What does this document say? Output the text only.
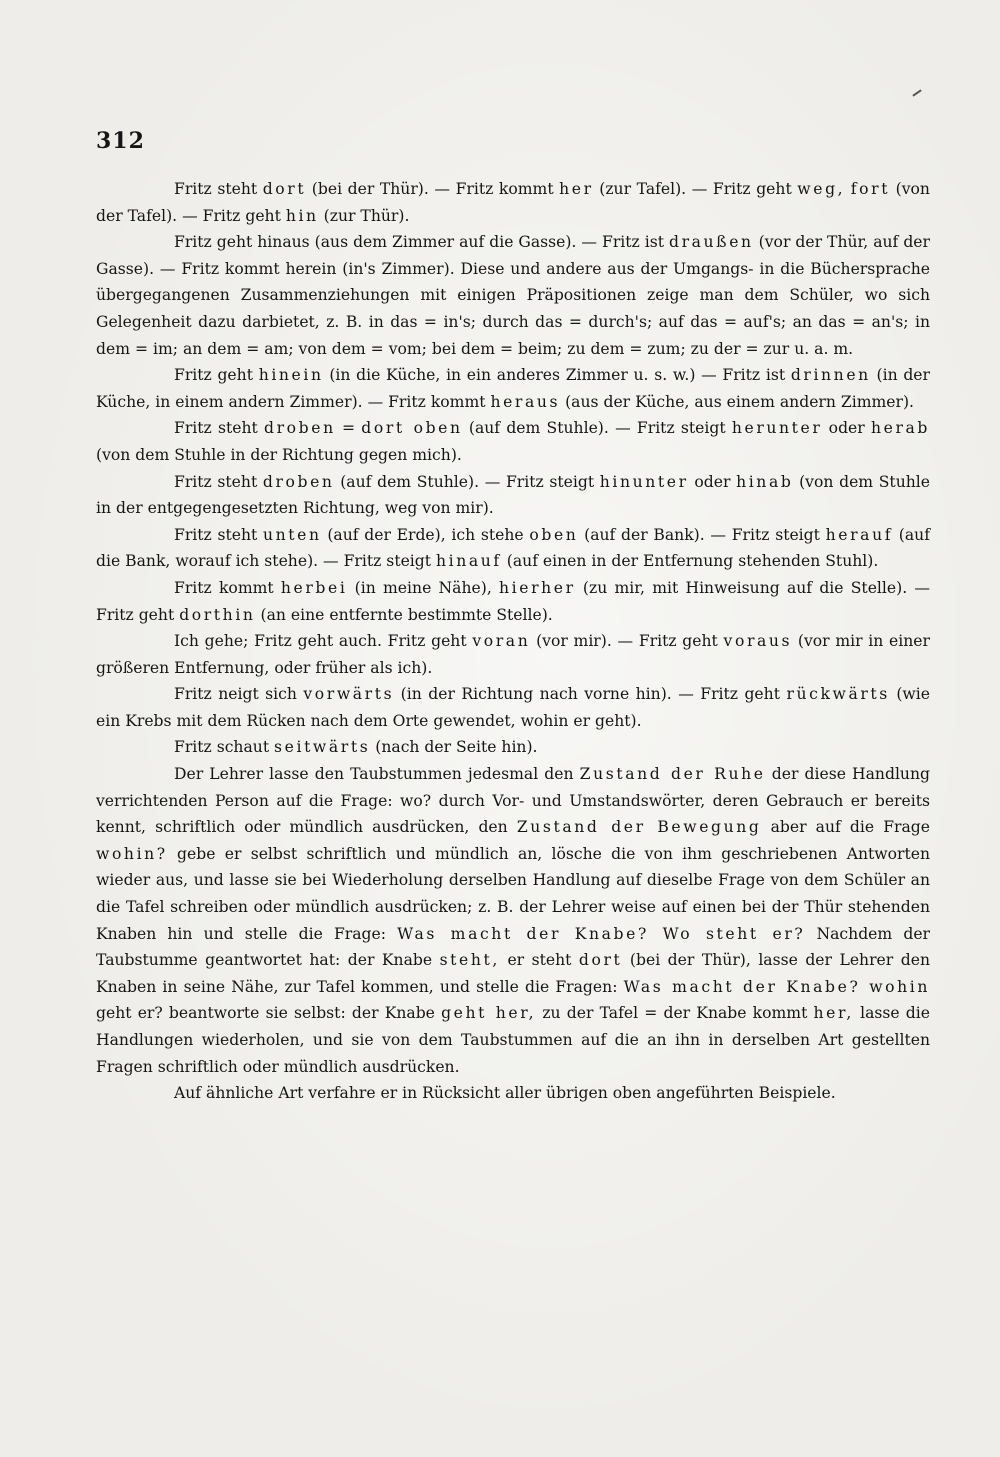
312

Fritz steht dort (bei der Thür). — Fritz kommt her (zur Tafel). — Fritz geht weg, fort (von der Tafel). — Fritz geht hin (zur Thür).

Fritz geht hinaus (aus dem Zimmer auf die Gasse). — Fritz ist draußen (vor der Thür, auf der Gasse). — Fritz kommt herein (in's Zimmer). Diese und andere aus der Umgangs- in die Büchersprache übergegangenen Zusammenziehungen mit einigen Präpositionen zeige man dem Schüler, wo sich Gelegenheit dazu darbietet, z. B. in das = in's; durch das = durch's; auf das = auf's; an das = an's; in dem = im; an dem = am; von dem = vom; bei dem = beim; zu dem = zum; zu der = zur u. a. m.

Fritz geht hinein (in die Küche, in ein anderes Zimmer u. s. w.) — Fritz ist drinnen (in der Küche, in einem andern Zimmer). — Fritz kommt heraus (aus der Küche, aus einem andern Zimmer).

Fritz steht droben = dort oben (auf dem Stuhle). — Fritz steigt herunter oder herab (von dem Stuhle in der Richtung gegen mich).

Fritz steht droben (auf dem Stuhle). — Fritz steigt hinunter oder hinab (von dem Stuhle in der entgegengesetzten Richtung, weg von mir).

Fritz steht unten (auf der Erde), ich stehe oben (auf der Bank). — Fritz steigt herauf (auf die Bank, worauf ich stehe). — Fritz steigt hinauf (auf einen in der Entfernung stehenden Stuhl).

Fritz kommt herbei (in meine Nähe), hierher (zu mir, mit Hinweisung auf die Stelle). — Fritz geht dorthin (an eine entfernte bestimmte Stelle).

Ich gehe; Fritz geht auch. Fritz geht voran (vor mir). — Fritz geht voraus (vor mir in einer größeren Entfernung, oder früher als ich).

Fritz neigt sich vorwärts (in der Richtung nach vorne hin). — Fritz geht rückwärts (wie ein Krebs mit dem Rücken nach dem Orte gewendet, wohin er geht).

Fritz schaut seitwärts (nach der Seite hin).

Der Lehrer lasse den Taubstummen jedesmal den Zustand der Ruhe der diese Handlung verrichtenden Person auf die Frage: wo? durch Vor- und Umstandswörter, deren Gebrauch er bereits kennt, schriftlich oder mündlich ausdrücken, den Zustand der Bewegung aber auf die Frage wohin? gebe er selbst schriftlich und mündlich an, lösche die von ihm geschriebenen Antworten wieder aus, und lasse sie bei Wiederholung derselben Handlung auf dieselbe Frage von dem Schüler an die Tafel schreiben oder mündlich ausdrücken; z. B. der Lehrer weise auf einen bei der Thür stehenden Knaben hin und stelle die Frage: Was macht der Knabe? Wo steht er? Nachdem der Taubstumme geantwortet hat: der Knabe steht, er steht dort (bei der Thür), lasse der Lehrer den Knaben in seine Nähe, zur Tafel kommen, und stelle die Fragen: Was macht der Knabe? wohin geht er? beantworte sie selbst: der Knabe geht her, zu der Tafel = der Knabe kommt her, lasse die Handlungen wiederholen, und sie von dem Taubstummen auf die an ihn in derselben Art gestellten Fragen schriftlich oder mündlich ausdrücken.

Auf ähnliche Art verfahre er in Rücksicht aller übrigen oben angeführten Beispiele.
